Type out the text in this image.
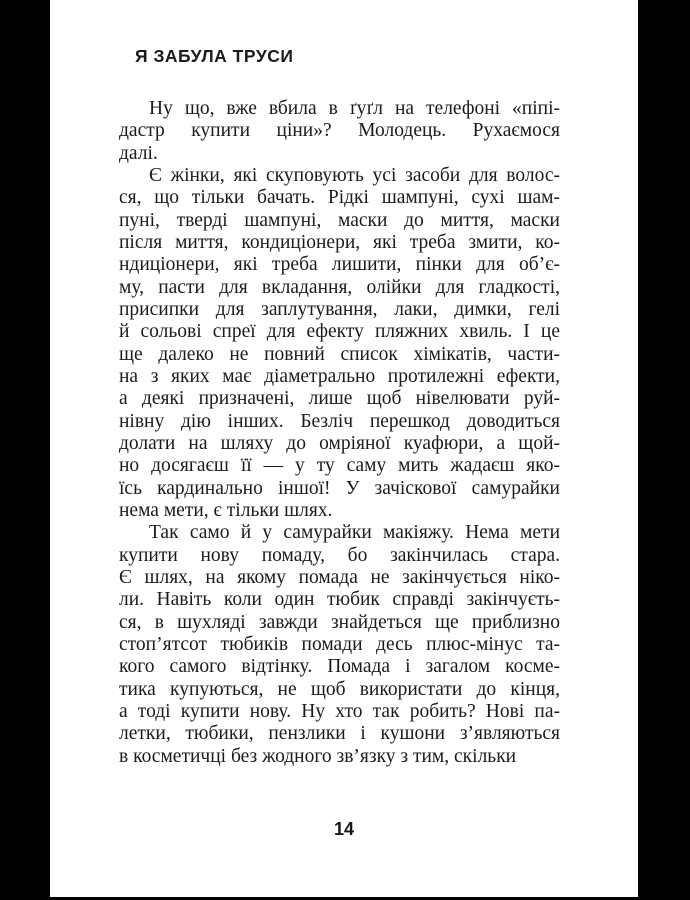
Я ЗАБУЛА ТРУСИ
Ну що, вже вбила в ґуґл на телефоні «піпі-
дастр купити ціни»? Молодець. Рухаємося
далі.
Є жінки, які скуповують усі засоби для волос-
ся, що тільки бачать. Рідкі шампуні, сухі шам-
пуні, тверді шампуні, маски до миття, маски
після миття, кондиціонери, які треба змити, ко-
ндиціонери, які треба лишити, пінки для об’є-
му, пасти для вкладання, олійки для гладкості,
присипки для заплутування, лаки, димки, гелі
й сольові спреї для ефекту пляжних хвиль. І це
ще далеко не повний список хімікатів, части-
на з яких має діаметрально протилежні ефекти,
а деякі призначені, лише щоб нівелювати руй-
нівну дію інших. Безліч перешкод доводиться
долати на шляху до омріяної куафюри, а щой-
но досягаєш її — у ту саму мить жадаєш яко-
їсь кардинально іншої! У зачіскової самурайки
нема мети, є тільки шлях.
Так само й у самурайки макіяжу. Нема мети
купити нову помаду, бо закінчилась стара.
Є шлях, на якому помада не закінчується ніко-
ли. Навіть коли один тюбик справді закінчуєть-
ся, в шухляді завжди знайдеться ще приблизно
стоп’ятсот тюбиків помади десь плюс-мінус та-
кого самого відтінку. Помада і загалом косме-
тика купуються, не щоб використати до кінця,
а тоді купити нову. Ну хто так робить? Нові па-
летки, тюбики, пензлики і кушони з’являються
в косметичці без жодного зв’язку з тим, скільки
14
